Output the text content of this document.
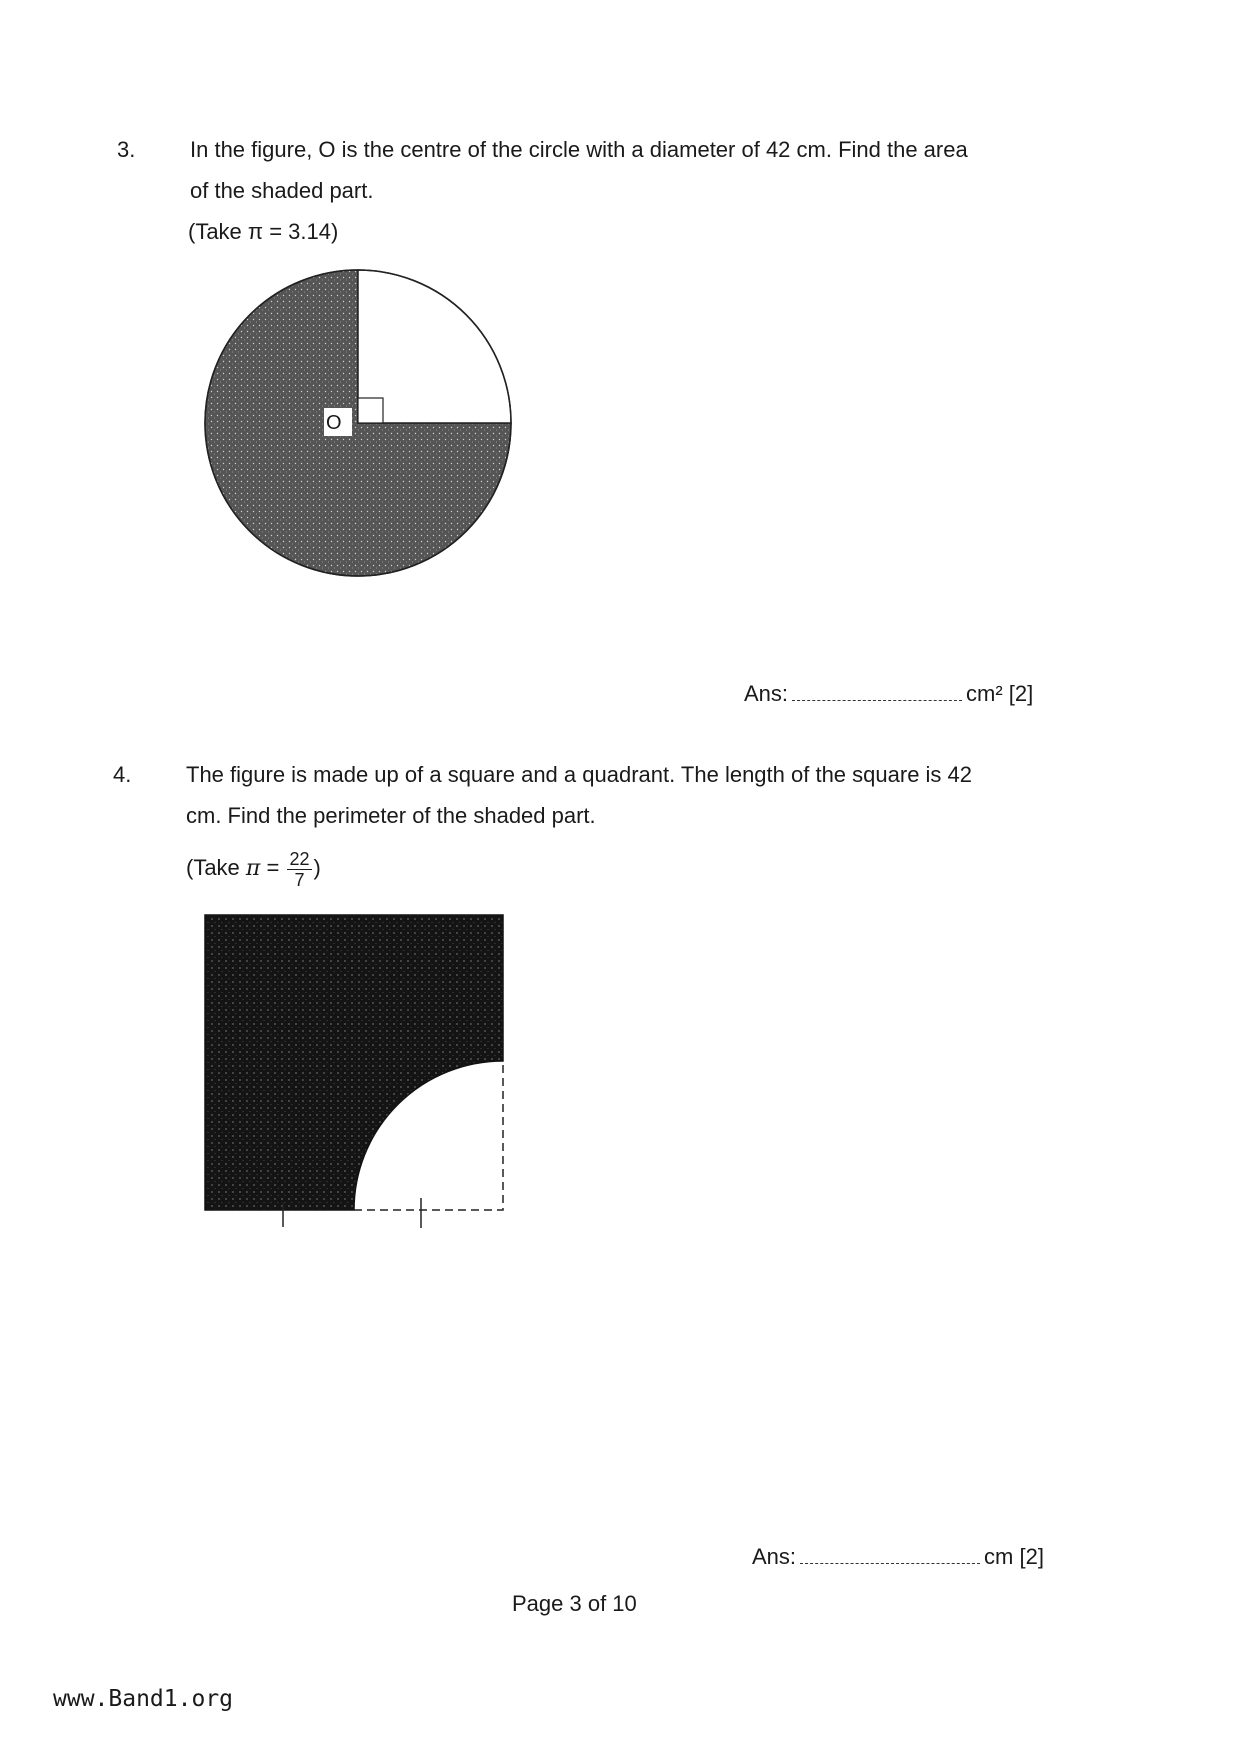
3. In the figure, O is the centre of the circle with a diameter of 42 cm. Find the area
of the shaded part.
(Take π = 3.14)
O
Ans:	cm² [2]
4. The figure is made up of a square and a quadrant. The length of the square is 42
cm. Find the perimeter of the shaded part.
(Take $\pi = \frac{22}{7}$ )
Ans:	cm [2]
Page 3 of 10
www.Band1.org
